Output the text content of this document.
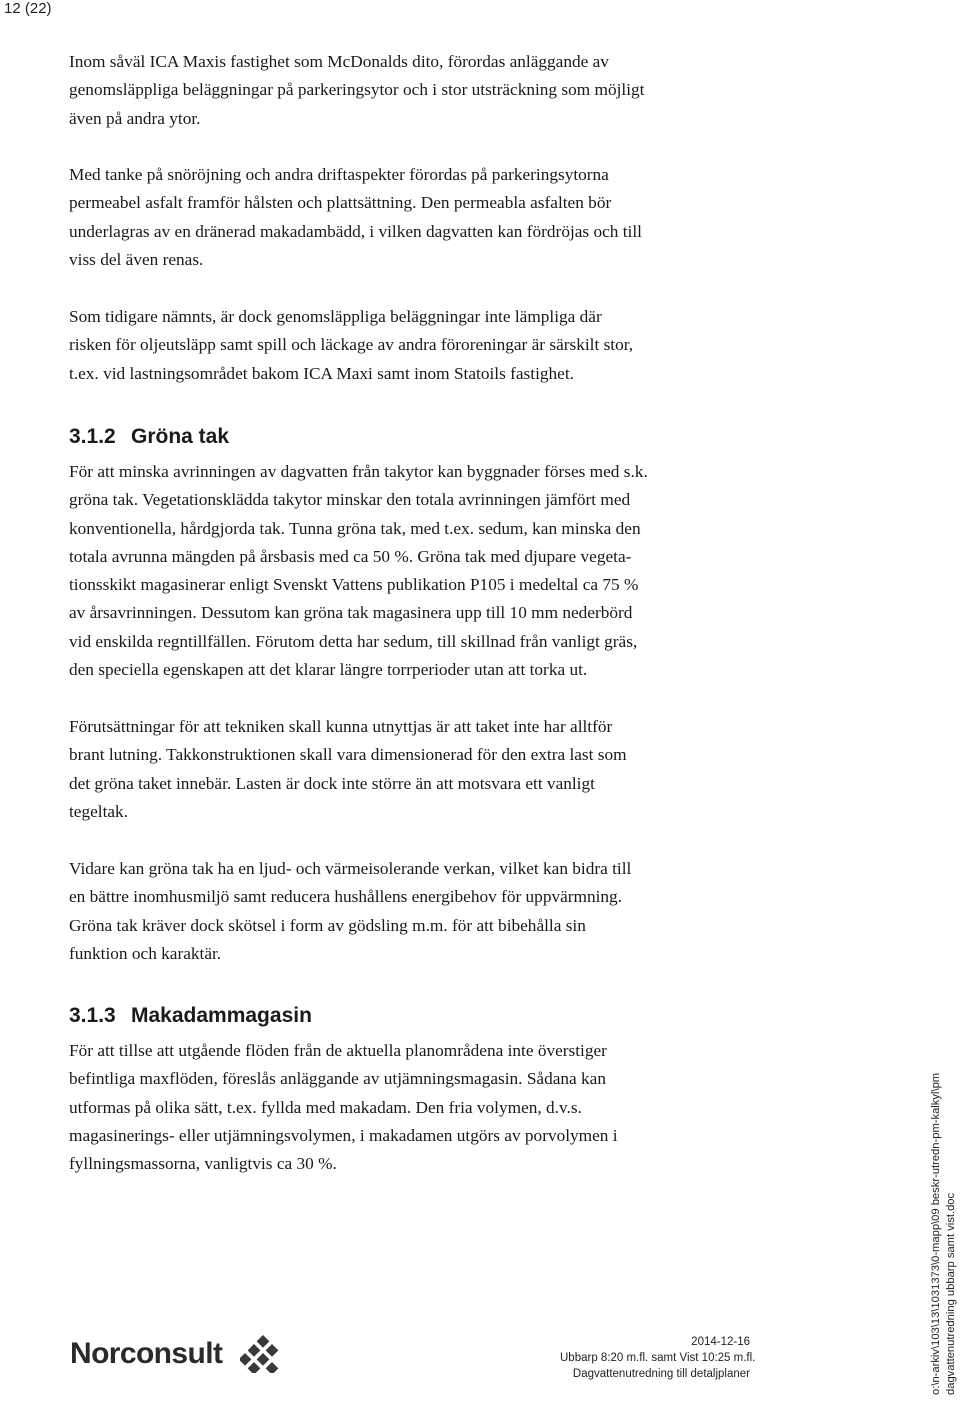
12 (22)

Inom såväl ICA Maxis fastighet som McDonalds dito, förordas anläggande av
genomsläppliga beläggningar på parkeringsytor och i stor utsträckning som möjligt
även på andra ytor.

Med tanke på snöröjning och andra driftaspekter förordas på parkeringsytorna
permeabel asfalt framför hålsten och plattsättning. Den permeabla asfalten bör
underlagras av en dränerad makadambädd, i vilken dagvatten kan fördröjas och till
viss del även renas.

Som tidigare nämnts, är dock genomsläppliga beläggningar inte lämpliga där
risken för oljeutsläpp samt spill och läckage av andra föroreningar är särskilt stor,
t.ex. vid lastningsområdet bakom ICA Maxi samt inom Statoils fastighet.

3.1.2 Gröna tak

För att minska avrinningen av dagvatten från takytor kan byggnader förses med s.k.
gröna tak. Vegetationsklädda takytor minskar den totala avrinningen jämfört med
konventionella, hårdgjorda tak. Tunna gröna tak, med t.ex. sedum, kan minska den
totala avrunna mängden på årsbasis med ca 50 %. Gröna tak med djupare vegeta-
tionsskikt magasinerar enligt Svenskt Vattens publikation P105 i medeltal ca 75 %
av årsavrinningen. Dessutom kan gröna tak magasinera upp till 10 mm nederbörd
vid enskilda regntillfällen. Förutom detta har sedum, till skillnad från vanligt gräs,
den speciella egenskapen att det klarar längre torrperioder utan att torka ut.

Förutsättningar för att tekniken skall kunna utnyttjas är att taket inte har alltför
brant lutning. Takkonstruktionen skall vara dimensionerad för den extra last som
det gröna taket innebär. Lasten är dock inte större än att motsvara ett vanligt
tegeltak.

Vidare kan gröna tak ha en ljud- och värmeisolerande verkan, vilket kan bidra till
en bättre inomhusmiljö samt reducera hushållens energibehov för uppvärmning.
Gröna tak kräver dock skötsel i form av gödsling m.m. för att bibehålla sin
funktion och karaktär.

3.1.3 Makadammagasin

För att tillse att utgående flöden från de aktuella planområdena inte överstiger
befintliga maxflöden, föreslås anläggande av utjämningsmagasin. Sådana kan
utformas på olika sätt, t.ex. fyllda med makadam. Den fria volymen, d.v.s.
magasinerings- eller utjämningsvolymen, i makadamen utgörs av porvolymen i
fyllningsmassorna, vanligtvis ca 30 %.

Norconsult	2014-12-16
Ubbarp 8:20 m.fl. samt Vist 10:25 m.fl.
Dagvattenutredning till detaljplaner	o:\n-arkiv\103\13\1031373\0-mapp\09 beskr-utredn-pm-kalkyl\pm dagvattenutredning ubbarp samt vist.doc
